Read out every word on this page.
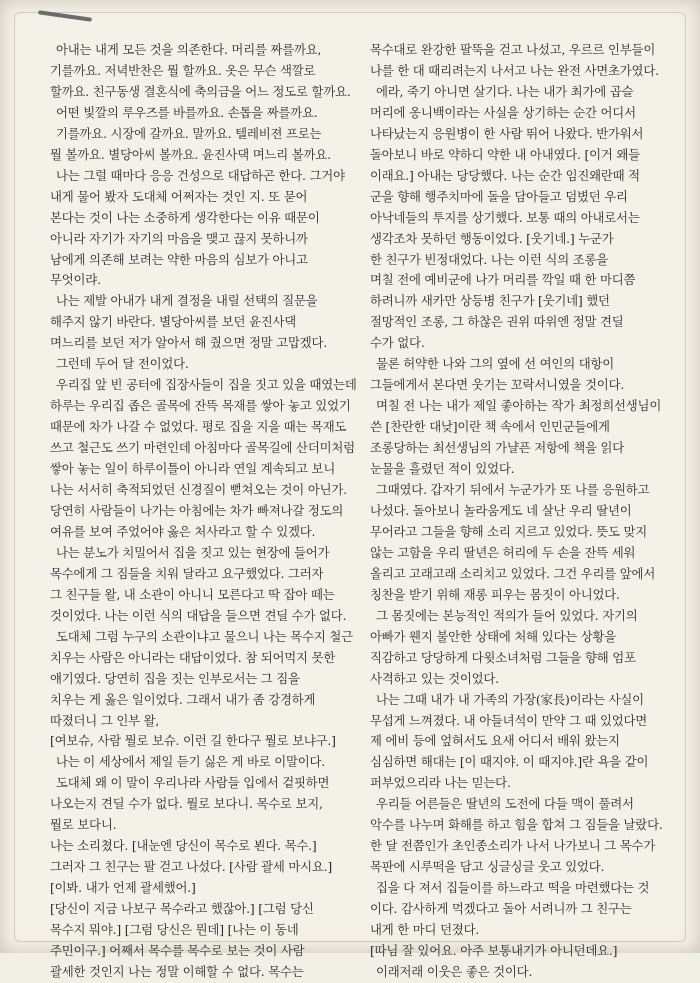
아내는 내게 모든 것을 의존한다. 머리를 짜를까요,
기를까요. 저녁반찬은 뭘 할까요. 옷은 무슨 색깔로
할까요. 친구동생 결혼식에 축의금을 어느 정도로 할까요.
어떤 빛깔의 루우즈를 바를까요. 손톱을 짜를까요.
기를까요. 시장에 갈까요. 말까요. 텔레비젼 프로는
뭘 볼까요. 별당아씨 볼까요. 윤진사댁 며느리 볼까요.
나는 그럴 때마다 응응 건성으로 대답하곤 한다. 그거야
내게 물어 봤자 도대체 어쩌자는 것인 지. 또 묻어
본다는 것이 나는 소중하게 생각한다는 이유 때문이
아니라 자기가 자기의 마음을 맺고 끊지 못하니까
남에게 의존해 보려는 약한 마음의 심보가 아니고
무엇이랴.
나는 제발 아내가 내게 결정을 내릴 선택의 질문을
해주지 않기 바란다. 별당아씨를 보던 윤진사댁
며느리를 보던 저가 알아서 해 줬으면 정말 고맙겠다.
그런데 두어 달 전이었다.
우리집 앞 빈 공터에 집장사들이 집을 짓고 있을 때였는데
하루는 우리집 좁은 골목에 잔뜩 목재를 쌓아 놓고 있었기
때문에 차가 나갈 수 없었다. 평로 집을 지을 때는 목재도
쓰고 철근도 쓰기 마련인데 아침마다 골목길에 산더미처럼
쌓아 놓는 일이 하루이틀이 아니라 연일 계속되고 보니
나는 서서히 축적되었던 신경질이 뻗쳐오는 것이 아닌가.
당연히 사람들이 나가는 아침에는 차가 빠져나갈 정도의
여유를 보여 주었어야 옳은 처사라고 할 수 있겠다.
나는 분노가 치밀어서 집을 짓고 있는 현장에 들어가
목수에게 그 짐들을 치워 달라고 요구했었다. 그러자
그 친구들 왈, 내 소관이 아니니 모른다고 딱 잡아 떼는
것이었다. 나는 이런 식의 대답을 들으면 견딜 수가 없다.
도대체 그럼 누구의 소관이냐고 물으니 나는 목수지 철근
치우는 사람은 아니라는 대답이었다. 참 되어먹지 못한
얘기였다. 당연히 집을 짓는 인부로서는 그 짐을
치우는 게 옳은 일이었다. 그래서 내가 좀 강경하게
따졌더니 그 인부 왈,
[여보슈, 사람 뭘로 보슈. 이런 길 한다구 뭘로 보냐구.]
나는 이 세상에서 제일 듣기 싫은 게 바로 이말이다.
도대체 왜 이 말이 우리나라 사람들 입에서 겉핏하면
나오는지 견딜 수가 없다. 뭘로 보다니. 목수로 보지,
뭘로 보다니.
나는 소리쳤다. [내눈엔 당신이 목수로 뵌다. 목수.]
그러자 그 친구는 팔 걷고 나섰다. [사람 괄세 마시요.]
[이봐. 내가 언제 괄세했어.]
[당신이 지금 나보구 목수라고 했잖아.] [그럼 당신
목수지 뭐야.] [그럼 당신은 뭔데] [나는 이 동네
주민이구.] 어째서 목수를 목수로 보는 것이 사람
괄세한 것인지 나는 정말 이해할 수 없다. 목수는
목수대로 완강한 팔뚝을 걷고 나섰고, 우르르 인부들이
나를 한 대 때리려는지 나서고 나는 완전 사면초가였다.
에라, 죽기 아니면 살기다. 나는 내가 최가에 곱슬
머리에 옹니백이라는 사실을 상기하는 순간 어디서
나타났는지 응원병이 한 사람 뛰어 나왔다. 반가워서
돌아보니 바로 약하디 약한 내 아내였다. [이거 왜들
이래요.] 아내는 당당했다. 나는 순간 임진왜란때 적
군을 향해 행주치마에 돌을 담아들고 덤볐던 우리
아낙네들의 투지를 상기했다. 보통 때의 아내로서는
생각조차 못하던 행동이었다. [웃기네.] 누군가
한 친구가 빈정대었다. 나는 이런 식의 조롱을
며칠 전에 예비군에 나가 머리를 깍일 때 한 마디쯤
하려니까 새카만 상등병 친구가 [웃기네] 했던
절망적인 조롱, 그 하찮은 권위 따위엔 정말 견딜
수가 없다.
물론 허약한 나와 그의 옆에 선 여인의 대항이
그들에게서 본다면 웃기는 꼬락서니였을 것이다.
며칠 전 나는 내가 제일 좋아하는 작가 최정희선생님이
쓴 [찬란한 대낮]이란 책 속에서 인민군들에게
조롱당하는 최선생님의 가냘픈 저항에 책을 읽다
눈물을 흘렸던 적이 있었다.
그때였다. 갑자기 뒤에서 누군가가 또 나를 응원하고
나섰다. 돌아보니 놀라움게도 네 살난 우리 딸년이
무어라고 그들을 향해 소리 지르고 있었다. 뜻도 맞지
않는 고함을 우리 딸년은 허리에 두 손을 잔뜩 세워
올리고 고래고래 소리치고 있었다. 그건 우리를 앞에서
칭찬을 받기 위해 재롱 피우는 몸짓이 아니었다.
그 몸짓에는 본능적인 적의가 들어 있었다. 자기의
아빠가 웬지 불안한 상태에 처해 있다는 상황을
직감하고 당당하게 다윗소녀처럼 그들을 향해 엄포
사격하고 있는 것이었다.
나는 그때 내가 내 가족의 가장(家長)이라는 사실이
무섭게 느껴졌다. 내 아들녀석이 만약 그 때 있었다면
제 에비 등에 엎혀서도 요새 어디서 배워 왔는지
심심하면 해대는 [이 때지야. 이 때지야.]란 욕을 같이
퍼부었으리라 나는 믿는다.
우리들 어른들은 딸년의 도전에 다들 맥이 풀려서
악수를 나누며 화해를 하고 힘을 합쳐 그 짐들을 날랐다.
한 달 전쯤인가 초인종소리가 나서 나가보니 그 목수가
목판에 시루떡을 담고 싱글싱글 웃고 있었다.
집을 다 져서 집들이를 하느라고 떡을 마련했다는 것
이다. 감사하게 먹겠다고 돌아 서려니까 그 친구는
내게 한 마디 던졌다.
[따님 잘 있어요. 아주 보통내기가 아니던데요.]
이래저래 이웃은 좋은 것이다.
